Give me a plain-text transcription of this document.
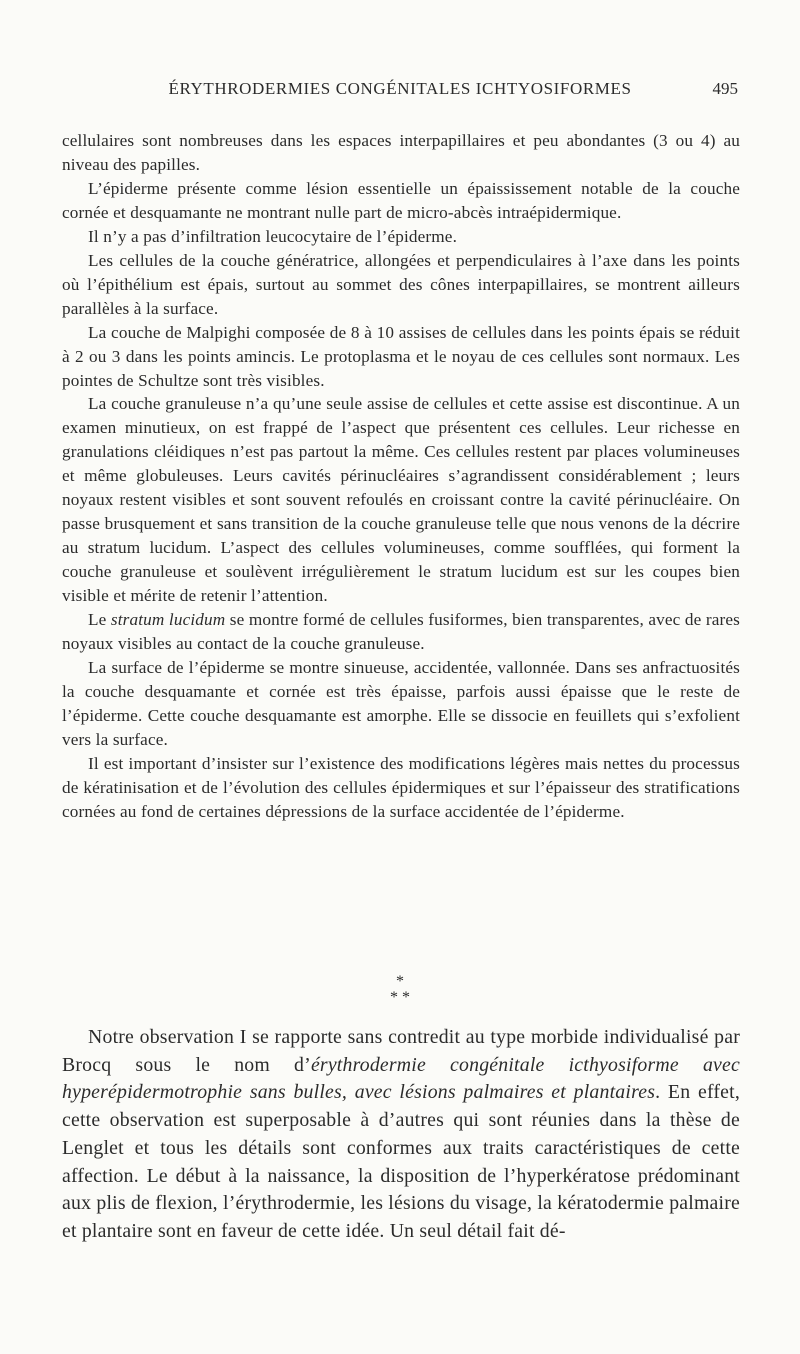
ÉRYTHRODERMIES CONGÉNITALES ICHTYOSIFORMES	495

cellulaires sont nombreuses dans les espaces interpapillaires et peu abondantes (3 ou 4) au niveau des papilles.

L’épiderme présente comme lésion essentielle un épaississement notable de la couche cornée et desquamante ne montrant nulle part de micro-abcès intraépidermique.

Il n’y a pas d’infiltration leucocytaire de l’épiderme.

Les cellules de la couche génératrice, allongées et perpendiculaires à l’axe dans les points où l’épithélium est épais, surtout au sommet des cônes interpapillaires, se montrent ailleurs parallèles à la surface.

La couche de Malpighi composée de 8 à 10 assises de cellules dans les points épais se réduit à 2 ou 3 dans les points amincis. Le protoplasma et le noyau de ces cellules sont normaux. Les pointes de Schultze sont très visibles.

La couche granuleuse n’a qu’une seule assise de cellules et cette assise est discontinue. A un examen minutieux, on est frappé de l’aspect que présentent ces cellules. Leur richesse en granulations cléidiques n’est pas partout la même. Ces cellules restent par places volumineuses et même globuleuses. Leurs cavités périnucléaires s’agrandissent considérablement ; leurs noyaux restent visibles et sont souvent refoulés en croissant contre la cavité périnucléaire. On passe brusquement et sans transition de la couche granuleuse telle que nous venons de la décrire au stratum lucidum. L’aspect des cellules volumineuses, comme soufflées, qui forment la couche granuleuse et soulèvent irrégulièrement le stratum lucidum est sur les coupes bien visible et mérite de retenir l’attention.

Le stratum lucidum se montre formé de cellules fusiformes, bien transparentes, avec de rares noyaux visibles au contact de la couche granuleuse.

La surface de l’épiderme se montre sinueuse, accidentée, vallonnée. Dans ses anfractuosités la couche desquamante et cornée est très épaisse, parfois aussi épaisse que le reste de l’épiderme. Cette couche desquamante est amorphe. Elle se dissocie en feuillets qui s’exfolient vers la surface.

Il est important d’insister sur l’existence des modifications légères mais nettes du processus de kératinisation et de l’évolution des cellules épidermiques et sur l’épaisseur des stratifications cornées au fond de certaines dépressions de la surface accidentée de l’épiderme.

*
* *

Notre observation I se rapporte sans contredit au type morbide individualisé par Brocq sous le nom d’érythrodermie congénitale icthyosiforme avec hyperépidermotrophie sans bulles, avec lésions palmaires et plantaires. En effet, cette observation est superposable à d’autres qui sont réunies dans la thèse de Lenglet et tous les détails sont conformes aux traits caractéristiques de cette affection. Le début à la naissance, la disposition de l’hyperkératose prédominant aux plis de flexion, l’érythrodermie, les lésions du visage, la kératodermie palmaire et plantaire sont en faveur de cette idée. Un seul détail fait dé-
